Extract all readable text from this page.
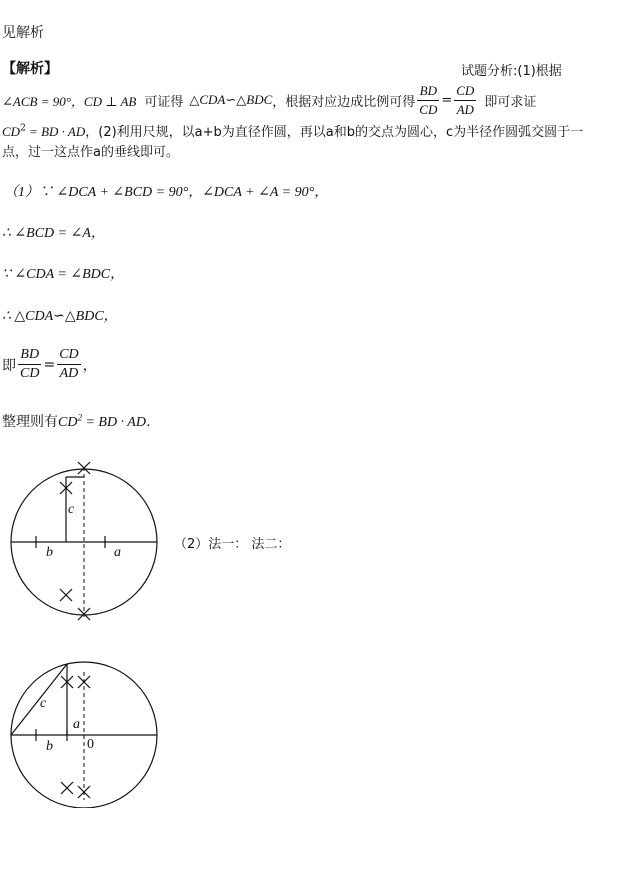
见解析
【解析】	试题分析:(1)根据
∠ACB = 90°，CD ⊥ AB 可证得 △CDA∽△BDC ，根据对应边成比例可得 $\frac{BD}{CD} = \frac{CD}{AD}$ 即可求证
$CD^2$ = BD · AD，(2)利用尺规，以a+b为直径作圆，再以a和b的交点为圆心，c为半径作圆弧交圆于一
点，过一这点作a的垂线即可。
（1）∵ ∠DCA + ∠BCD = 90°，∠DCA + ∠A = 90°，
∴ ∠BCD = ∠A，
∵ ∠CDA = ∠BDC，
∴ △CDA∽△BDC，
即 $\frac{BD}{CD} = \frac{CD}{AD}$ ，
整理则有$CD^2$ = BD · AD．
c
b	a
（2）法一： 法二：
c
a
b 0
